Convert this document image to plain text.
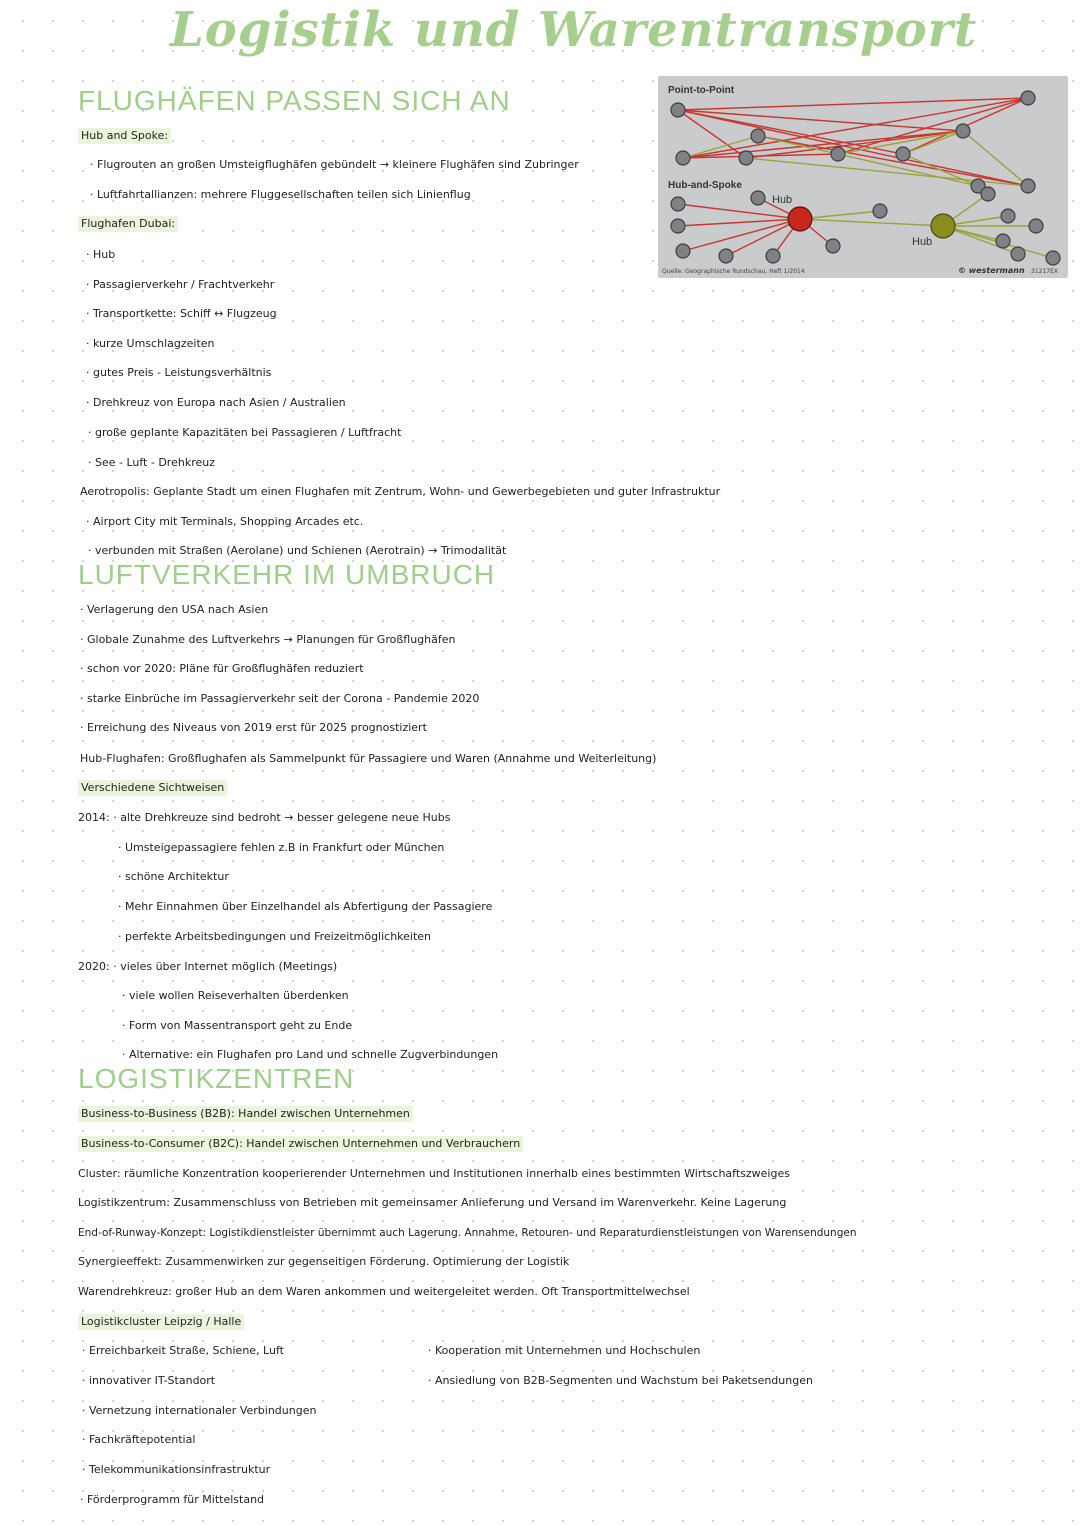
Logistik und Warentransport
Point-to-Point
Hub-and-Spoke
Hub
Hub
Quelle: Geographische Rundschau, Heft 1/2014	© westermann 31217EX
FLUGHÄFEN PASSEN SICH AN
Hub and Spoke:
· Flugrouten an großen Umsteigflughäfen gebündelt → kleinere Flughäfen sind Zubringer
· Luftfahrtallianzen: mehrere Fluggesellschaften teilen sich Linienflug
Flughafen Dubai:
· Hub
· Passagierverkehr / Frachtverkehr
· Transportkette: Schiff ↔ Flugzeug
· kurze Umschlagzeiten
· gutes Preis - Leistungsverhältnis
· Drehkreuz von Europa nach Asien / Australien
· große geplante Kapazitäten bei Passagieren / Luftfracht
· See - Luft - Drehkreuz
Aerotropolis: Geplante Stadt um einen Flughafen mit Zentrum, Wohn- und Gewerbegebieten und guter Infrastruktur
· Airport City mit Terminals, Shopping Arcades etc.
· verbunden mit Straßen (Aerolane) und Schienen (Aerotrain) → Trimodalität
LUFTVERKEHR IM UMBRUCH
· Verlagerung den USA nach Asien
· Globale Zunahme des Luftverkehrs → Planungen für Großflughäfen
· schon vor 2020: Pläne für Großflughäfen reduziert
· starke Einbrüche im Passagierverkehr seit der Corona - Pandemie 2020
· Erreichung des Niveaus von 2019 erst für 2025 prognostiziert
Hub-Flughafen: Großflughafen als Sammelpunkt für Passagiere und Waren (Annahme und Weiterleitung)
Verschiedene Sichtweisen
2014: · alte Drehkreuze sind bedroht → besser gelegene neue Hubs
· Umsteigepassagiere fehlen z.B in Frankfurt oder München
· schöne Architektur
· Mehr Einnahmen über Einzelhandel als Abfertigung der Passagiere
· perfekte Arbeitsbedingungen und Freizeitmöglichkeiten
2020: · vieles über Internet möglich (Meetings)
· viele wollen Reiseverhalten überdenken
· Form von Massentransport geht zu Ende
· Alternative: ein Flughafen pro Land und schnelle Zugverbindungen
LOGISTIKZENTREN
Business-to-Business (B2B): Handel zwischen Unternehmen
Business-to-Consumer (B2C): Handel zwischen Unternehmen und Verbrauchern
Cluster: räumliche Konzentration kooperierender Unternehmen und Institutionen innerhalb eines bestimmten Wirtschaftszweiges
Logistikzentrum: Zusammenschluss von Betrieben mit gemeinsamer Anlieferung und Versand im Warenverkehr. Keine Lagerung
End-of-Runway-Konzept: Logistikdienstleister übernimmt auch Lagerung. Annahme, Retouren- und Reparaturdienstleistungen von Warensendungen
Synergieeffekt: Zusammenwirken zur gegenseitigen Förderung. Optimierung der Logistik
Warendrehkreuz: großer Hub an dem Waren ankommen und weitergeleitet werden. Oft Transportmittelwechsel
Logistikcluster Leipzig / Halle
· Erreichbarkeit Straße, Schiene, Luft
· innovativer IT-Standort
· Vernetzung internationaler Verbindungen
· Fachkräftepotential
· Telekommunikationsinfrastruktur
· Förderprogramm für Mittelstand
· Kooperation mit Unternehmen und Hochschulen
· Ansiedlung von B2B-Segmenten und Wachstum bei Paketsendungen
